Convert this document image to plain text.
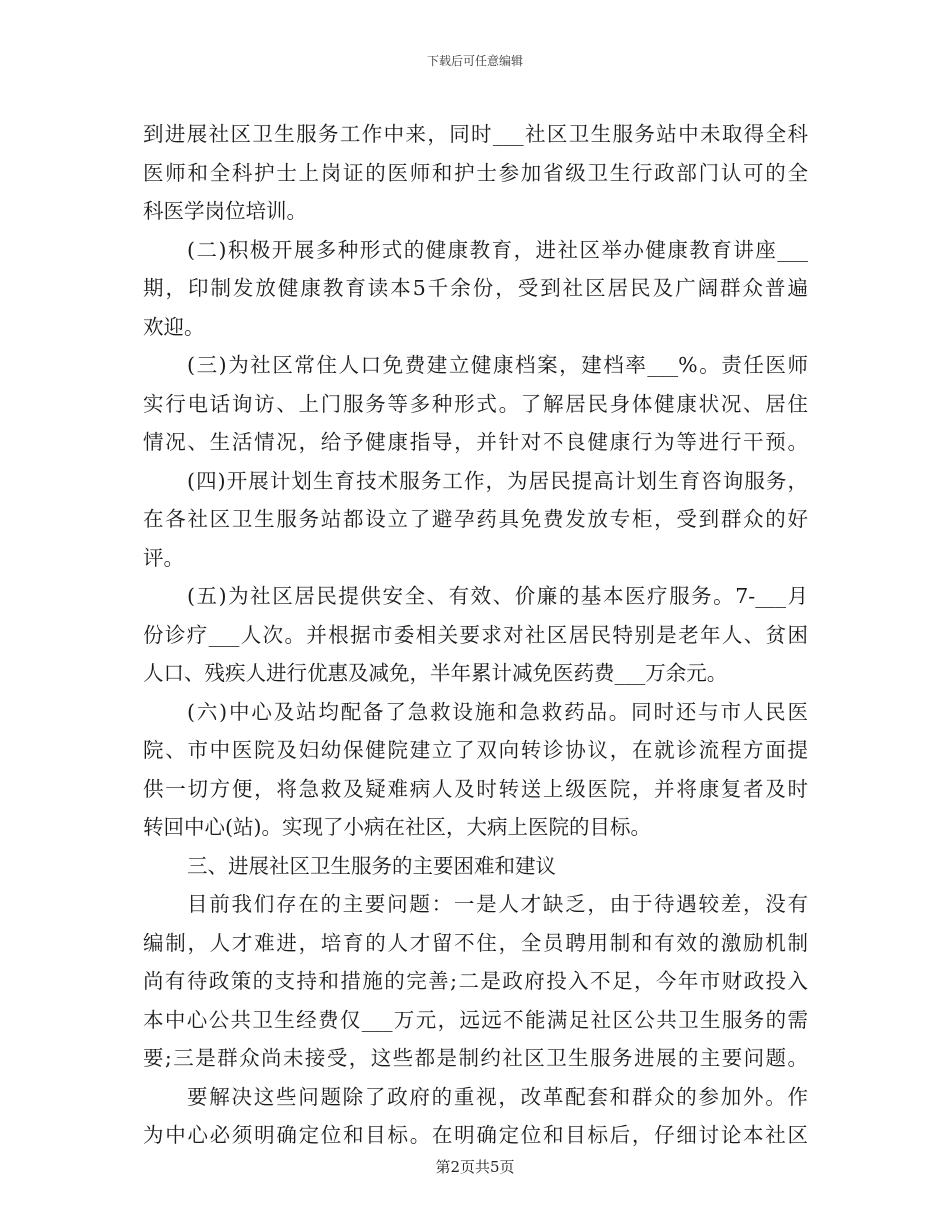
下载后可任意编辑
到进展社区卫生服务工作中来，同时___社区卫生服务站中未取得全科
医师和全科护士上岗证的医师和护士参加省级卫生行政部门认可的全
科医学岗位培训。
(二)积极开展多种形式的健康教育，进社区举办健康教育讲座___
期，印制发放健康教育读本5千余份，受到社区居民及广阔群众普遍
欢迎。
(三)为社区常住人口免费建立健康档案，建档率___%。责任医师
实行电话询访、上门服务等多种形式。了解居民身体健康状况、居住
情况、生活情况，给予健康指导，并针对不良健康行为等进行干预。
(四)开展计划生育技术服务工作，为居民提高计划生育咨询服务，
在各社区卫生服务站都设立了避孕药具免费发放专柜，受到群众的好
评。
(五)为社区居民提供安全、有效、价廉的基本医疗服务。7-___月
份诊疗___人次。并根据市委相关要求对社区居民特别是老年人、贫困
人口、残疾人进行优惠及减免，半年累计减免医药费___万余元。
(六)中心及站均配备了急救设施和急救药品。同时还与市人民医
院、市中医院及妇幼保健院建立了双向转诊协议，在就诊流程方面提
供一切方便，将急救及疑难病人及时转送上级医院，并将康复者及时
转回中心(站)。实现了小病在社区，大病上医院的目标。
三、进展社区卫生服务的主要困难和建议
目前我们存在的主要问题：一是人才缺乏，由于待遇较差，没有
编制，人才难进，培育的人才留不住，全员聘用制和有效的激励机制
尚有待政策的支持和措施的完善;二是政府投入不足，今年市财政投入
本中心公共卫生经费仅___万元，远远不能满足社区公共卫生服务的需
要;三是群众尚未接受，这些都是制约社区卫生服务进展的主要问题。
要解决这些问题除了政府的重视，改革配套和群众的参加外。作
为中心必须明确定位和目标。在明确定位和目标后，仔细讨论本社区
第2页共5页
